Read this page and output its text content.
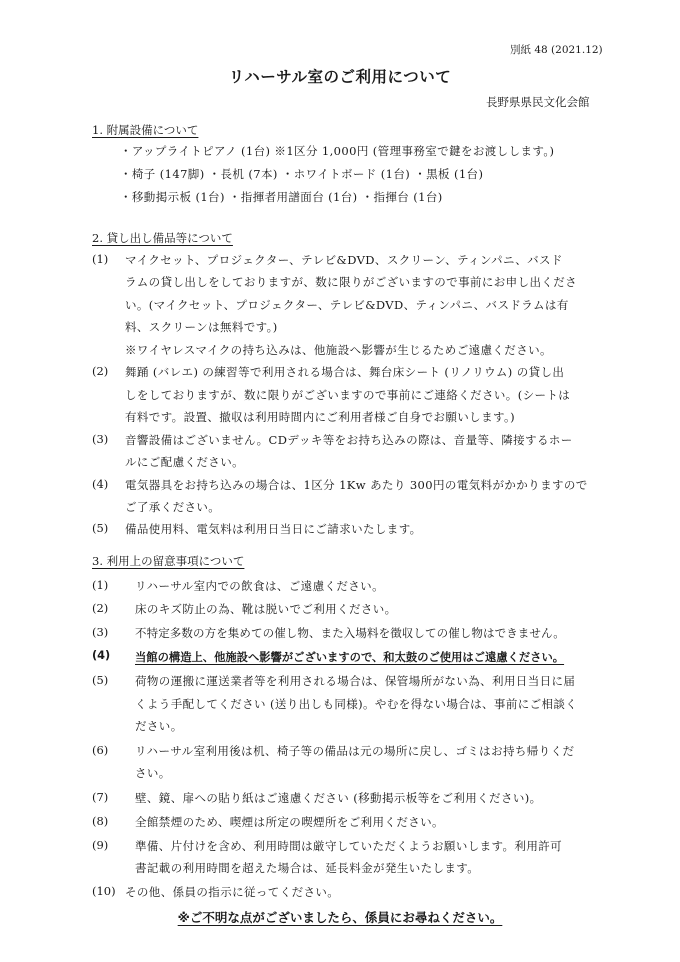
別紙 48 (2021.12)
リハーサル室のご利用について
長野県県民文化会館
1. 附属設備について
・アップライトピアノ (1台) ※1区分 1,000円 (管理事務室で鍵をお渡しします。)
・椅子 (147脚) ・長机 (7本) ・ホワイトボード (1台) ・黒板 (1台)
・移動掲示板 (1台) ・指揮者用譜面台 (1台) ・指揮台 (1台)
2. 貸し出し備品等について
(1) マイクセット、プロジェクター、テレビ&DVD、スクリーン、ティンパニ、バスド
ラムの貸し出しをしておりますが、数に限りがございますので事前にお申し出くださ
い。(マイクセット、プロジェクター、テレビ&DVD、ティンパニ、バスドラムは有
料、スクリーンは無料です。)
※ワイヤレスマイクの持ち込みは、他施設へ影響が生じるためご遠慮ください。
(2) 舞踊 (バレエ) の練習等で利用される場合は、舞台床シート (リノリウム) の貸し出
しをしておりますが、数に限りがございますので事前にご連絡ください。(シートは
有料です。設置、撤収は利用時間内にご利用者様ご自身でお願いします。)
(3) 音響設備はございません。CDデッキ等をお持ち込みの際は、音量等、隣接するホー
ルにご配慮ください。
(4) 電気器具をお持ち込みの場合は、1区分 1Kw あたり 300円の電気料がかかりますので
ご了承ください。
(5) 備品使用料、電気料は利用日当日にご請求いたします。
3. 利用上の留意事項について
(1) リハーサル室内での飲食は、ご遠慮ください。
(2) 床のキズ防止の為、靴は脱いでご利用ください。
(3) 不特定多数の方を集めての催し物、また入場料を徴収しての催し物はできません。
(4) 当館の構造上、他施設へ影響がございますので、和太鼓のご使用はご遠慮ください。
(5) 荷物の運搬に運送業者等を利用される場合は、保管場所がない為、利用日当日に届
くよう手配してください (送り出しも同様)。やむを得ない場合は、事前にご相談く
ださい。
(6) リハーサル室利用後は机、椅子等の備品は元の場所に戻し、ゴミはお持ち帰りくだ
さい。
(7) 壁、鏡、扉への貼り紙はご遠慮ください (移動掲示板等をご利用ください)。
(8) 全館禁煙のため、喫煙は所定の喫煙所をご利用ください。
(9) 準備、片付けを含め、利用時間は厳守していただくようお願いします。利用許可
書記載の利用時間を超えた場合は、延長料金が発生いたします。
(10) その他、係員の指示に従ってください。
※ご不明な点がございましたら、係員にお尋ねください。
